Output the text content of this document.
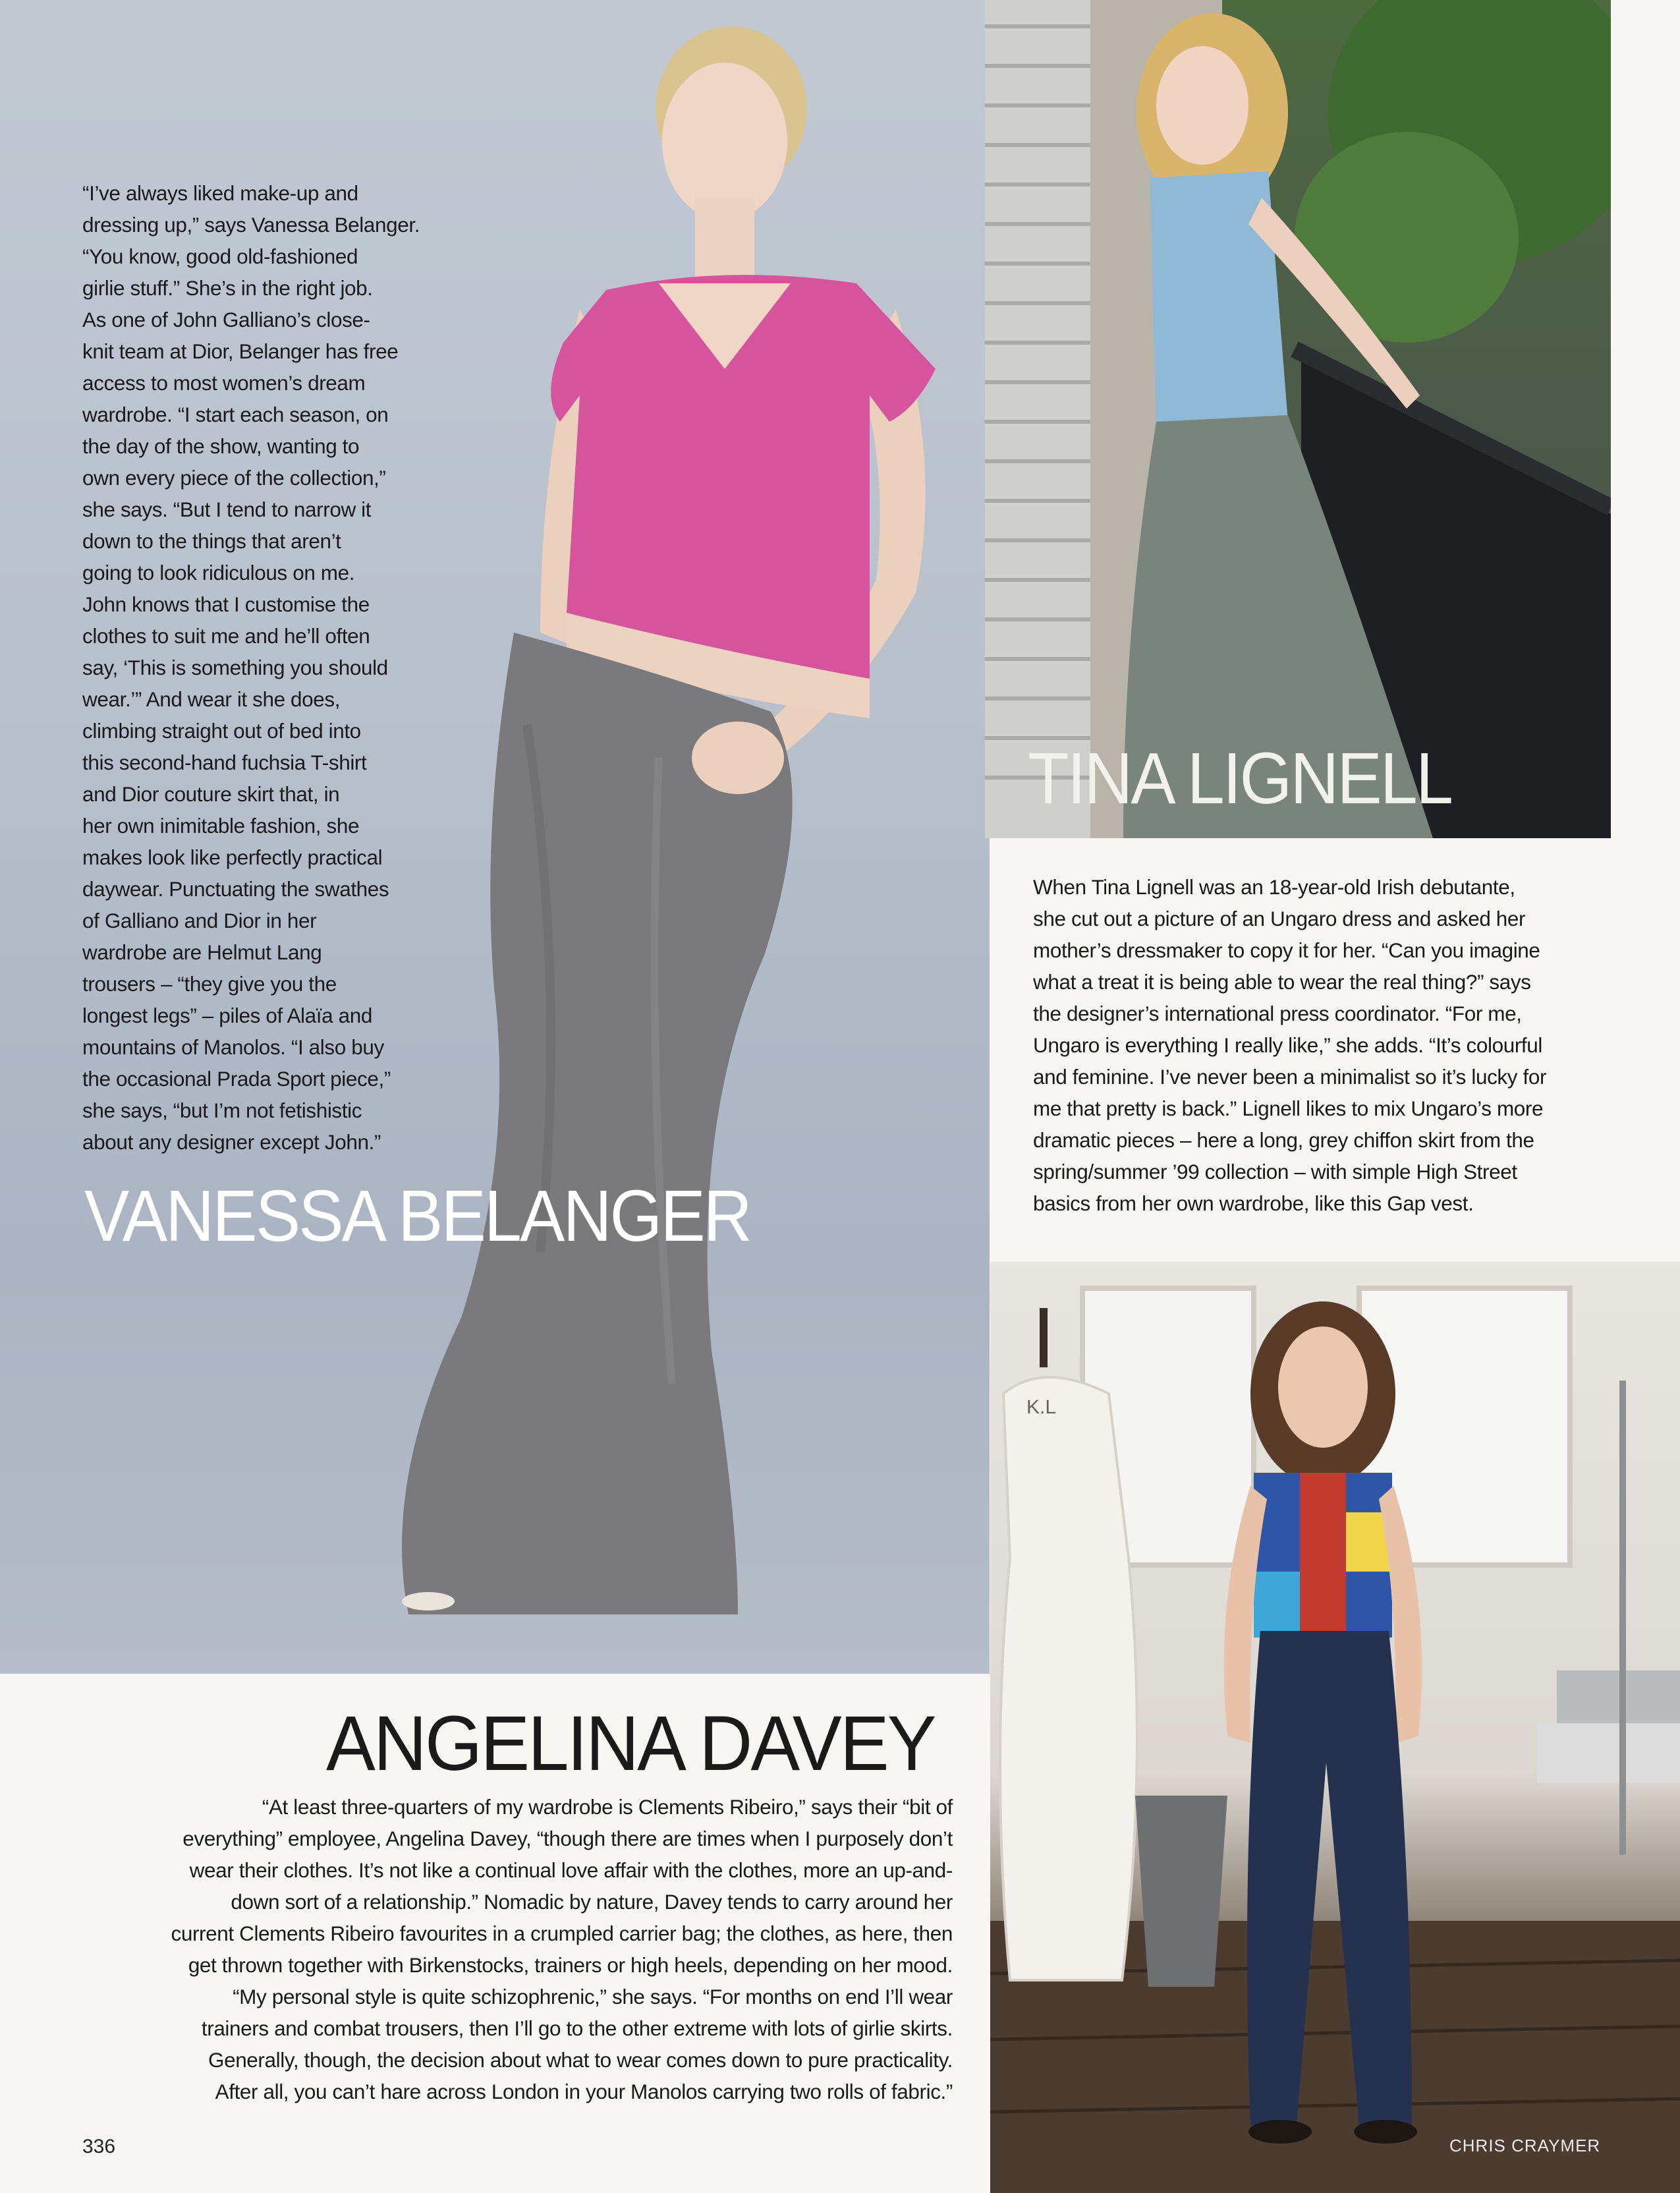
K.L
“I’ve always liked make-up and
dressing up,” says Vanessa Belanger.
“You know, good old-fashioned
girlie stuff.” She’s in the right job.
As one of John Galliano’s close-
knit team at Dior, Belanger has free
access to most women’s dream
wardrobe. “I start each season, on
the day of the show, wanting to
own every piece of the collection,”
she says. “But I tend to narrow it
down to the things that aren’t
going to look ridiculous on me.
John knows that I customise the
clothes to suit me and he’ll often
say, ‘This is something you should
wear.’” And wear it she does,
climbing straight out of bed into
this second-hand fuchsia T-shirt
and Dior couture skirt that, in
her own inimitable fashion, she
makes look like perfectly practical
daywear. Punctuating the swathes
of Galliano and Dior in her
wardrobe are Helmut Lang
trousers – “they give you the
longest legs” – piles of Alaïa and
mountains of Manolos. “I also buy
the occasional Prada Sport piece,”
she says, “but I’m not fetishistic
about any designer except John.”
VANESSA BELANGER
TINA LIGNELL
When Tina Lignell was an 18-year-old Irish debutante,
she cut out a picture of an Ungaro dress and asked her
mother’s dressmaker to copy it for her. “Can you imagine
what a treat it is being able to wear the real thing?” says
the designer’s international press coordinator. “For me,
Ungaro is everything I really like,” she adds. “It’s colourful
and feminine. I’ve never been a minimalist so it’s lucky for
me that pretty is back.” Lignell likes to mix Ungaro’s more
dramatic pieces – here a long, grey chiffon skirt from the
spring/summer ’99 collection – with simple High Street
basics from her own wardrobe, like this Gap vest.
ANGELINA DAVEY
“At least three-quarters of my wardrobe is Clements Ribeiro,” says their “bit of
everything” employee, Angelina Davey, “though there are times when I purposely don’t
wear their clothes. It’s not like a continual love affair with the clothes, more an up-and-
down sort of a relationship.” Nomadic by nature, Davey tends to carry around her
current Clements Ribeiro favourites in a crumpled carrier bag; the clothes, as here, then
get thrown together with Birkenstocks, trainers or high heels, depending on her mood.
“My personal style is quite schizophrenic,” she says. “For months on end I’ll wear
trainers and combat trousers, then I’ll go to the other extreme with lots of girlie skirts.
Generally, though, the decision about what to wear comes down to pure practicality.
After all, you can’t hare across London in your Manolos carrying two rolls of fabric.”

336	CHRIS CRAYMER
